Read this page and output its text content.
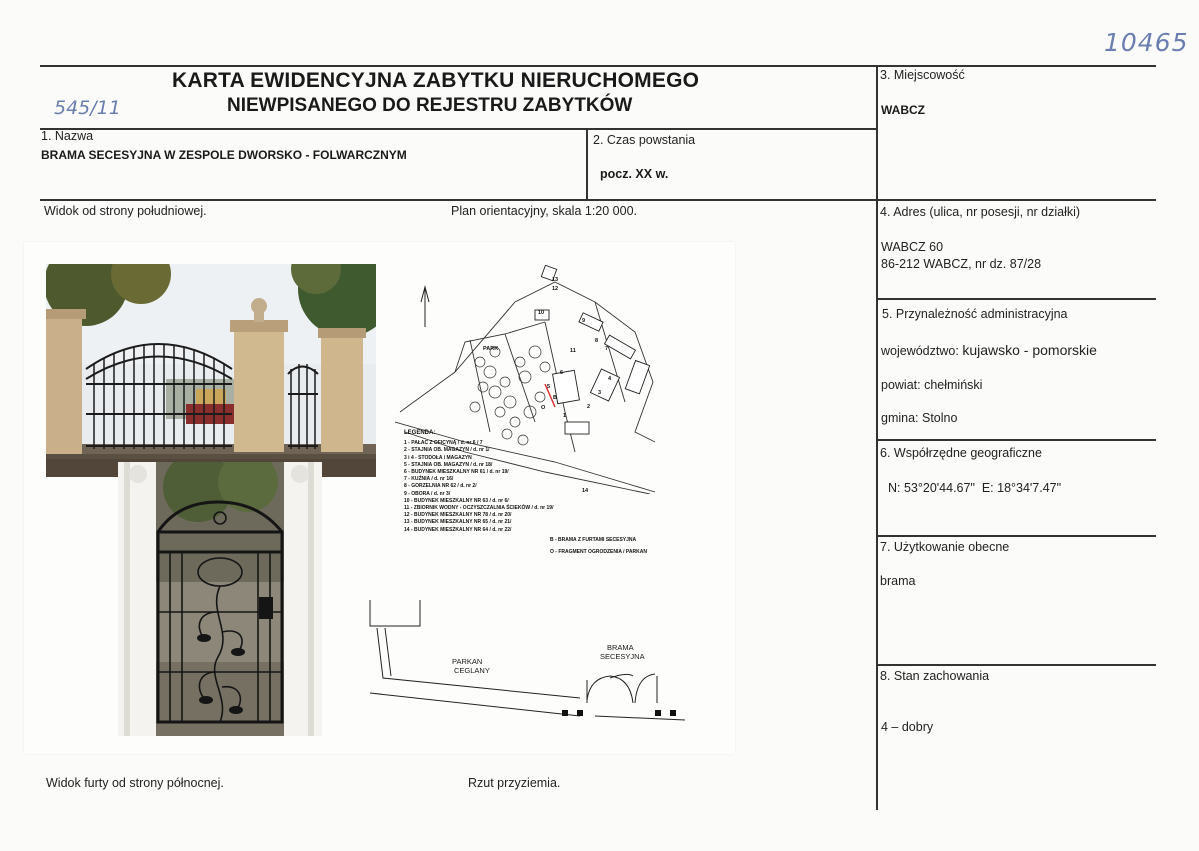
10465
545/11
KARTA EWIDENCYJNA ZABYTKU NIERUCHOMEGO
NIEWPISANEGO DO REJESTRU ZABYTKÓW
1. Nazwa
BRAMA SECESYJNA W ZESPOLE DWORSKO - FOLWARCZNYM
2. Czas powstania
pocz. XX w.
3. Miejscowość
WABCZ
4. Adres (ulica, nr posesji, nr działki)
WABCZ 60
86-212 WABCZ, nr dz. 87/28
5. Przynależność administracyjna
województwo: kujawsko - pomorskie
powiat: chełmiński
gmina: Stolno
6. Współrzędne geograficzne
N: 53°20'44.67"  E: 18°34'7.47"
7. Użytkowanie obecne
brama
8. Stan zachowania
4 – dobry
Widok od strony południowej.	Plan orientacyjny, skala 1:20 000.
Widok furty od strony północnej.	Rzut przyziemia.
PARK
13
12
10
9
8
7
11
6
5
3
4
1
2
14
B
O
LEGENDA:
1 - PAŁAC Z OFICYNĄ / d. nr 6 / 7
2 - STAJNIA OB. MAGAZYN / d. nr 1/
3 i 4 - STODOŁA i MAGAZYN
5 - STAJNIA OB. MAGAZYN / d. nr 18/
6 - BUDYNEK MIESZKALNY NR 61 / d. nr 19/
7 - KUŹNIA / d. nr 16/
8 - GORZELNIA NR 62 / d. nr 2/
9 - OBORA / d. nr 3/
10 - BUDYNEK MIESZKALNY NR 63 / d. nr 6/
11 - ZBIORNIK WODNY - OCZYSZCZALNIA ŚCIEKÓW / d. nr 19/
12 - BUDYNEK MIESZKALNY NR 78 / d. nr 20/
13 - BUDYNEK MIESZKALNY NR 65 / d. nr 21/
14 - BUDYNEK MIESZKALNY NR 64 / d. nr 22/
B - BRAMA Z FURTAMI SECESYJNA
O - FRAGMENT OGRODZENIA / PARKAN
BRAMA
SECESYJNA
PARKAN
CEGLANY
